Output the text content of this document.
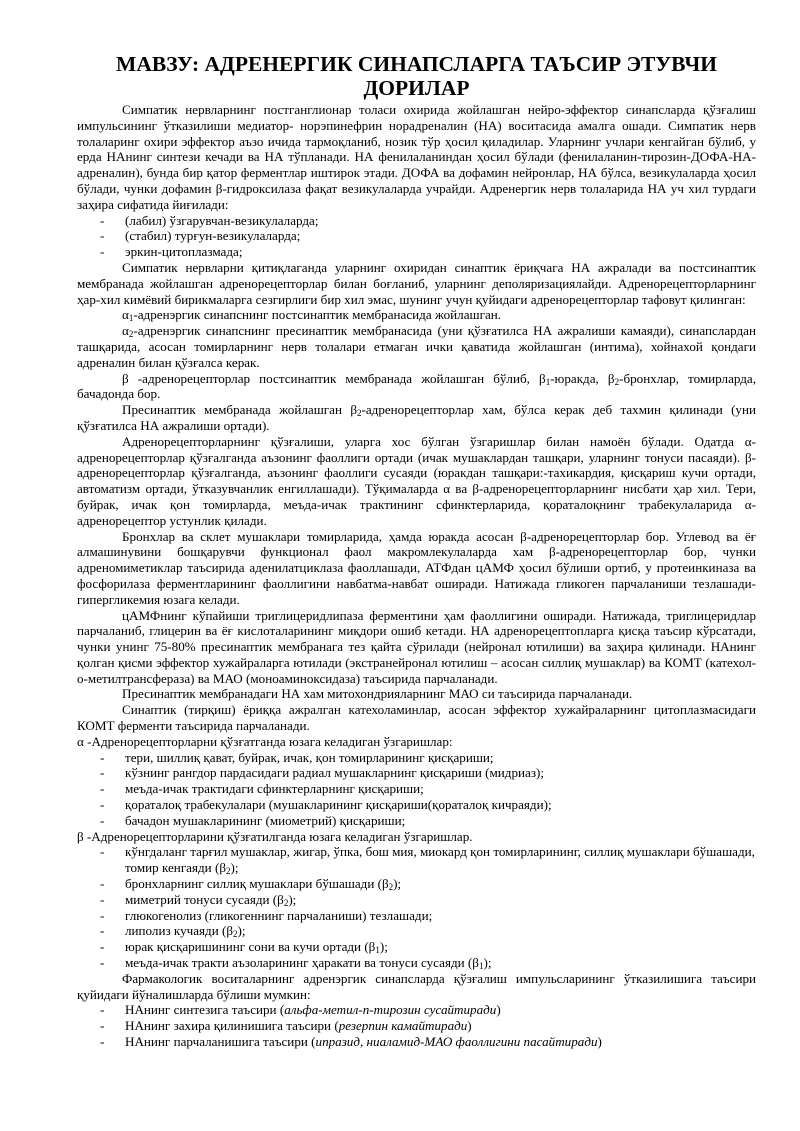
МАВЗУ: АДРЕНЕРГИК СИНАПСЛАРГА ТАЪСИР ЭТУВЧИ ДОРИЛАР

Симпатик нервларнинг постганглионар толаси охирида жойлашган нейро-эффектор синапсларда қўзғалиш импульсининг ўтказилиши медиатор- норэпинефрин норадреналин (НА) воситасида амалга ошади. Симпатик нерв толаларинг охири эффектор аъзо ичида тармоқланиб, нозик тўр ҳосил қиладилар. Уларнинг учлари кенгайган бўлиб, у ерда НАнинг синтези кечади ва НА тўпланади. НА фенилаланиндан ҳосил бўлади (фенилаланин-тирозин-ДОФА-НА-адреналин), бунда бир қатор ферментлар иштирок этади. ДОФА ва дофамин нейронлар, НА бўлса, везикулаларда ҳосил бўлади, чунки дофамин β-гидроксилаза фақат везикулаларда учрайди. Адренергик нерв толаларида НА уч хил турдаги заҳира сифатида йиғилади:

- (лабил) ўзгарувчан-везикулаларда;
- (стабил) турғун-везикулаларда;
- эркин-цитоплазмада;

Симпатик нервларни қитиқлаганда уларнинг охиридан синаптик ёриқчага НА ажралади ва постсинаптик мембранада жойлашган адренорецепторлар билан боғланиб, уларнинг деполяризациялайди. Адренорецепторларнинг ҳар-хил кимёвий бирикмаларга сезгирлиги бир хил эмас, шунинг учун қуйидаги адренорецепторлар тафовут қилинган:

$\alpha_1$-адренэргик синапснинг постсинаптик мембранасида жойлашган.

$\alpha_2$-адренэргик синапснинг пресинаптик мембранасида (уни қўзғатилса НА ажралиши камаяди), синапслардан ташқарида, асосан томирларнинг нерв толалари етмаган ички қаватида жойлашган (интима), хойнахой қондаги адреналин билан қўзғалса керак.

β -адренорецепторлар постсинаптик мембранада жойлашган бўлиб, $\beta_1$-юракда, $\beta_2$-бронхлар, томирларда, бачадонда бор.

Пресинаптик мембранада жойлашган $\beta_2$-адренорецепторлар хам, бўлса керак деб тахмин қилинади (уни қўзғатилса НА ажралиши ортади).

Адренорецепторларнинг қўзғалиши, уларга хос бўлган ўзгаришлар билан намоён бўлади. Одатда α-адренорецепторлар қўзғалганда аъзонинг фаоллиги ортади (ичак мушаклардан ташқари, уларнинг тонуси пасаяди). β-адренорецепторлар қўзғалганда, аъзонинг фаоллиги сусаяди (юракдан ташқари:-тахикардия, қисқариш кучи ортади, автоматизм ортади, ўтказувчанлик енгиллашади). Тўқималарда α ва β-адренорецепторларнинг нисбати ҳар хил. Тери, буйрак, ичак қон томирларда, меъда-ичак трактининг сфинктерларида, қораталоқнинг трабекулаларида α-адренорецептор устунлик қилади.

Бронхлар ва склет мушаклари томирларида, ҳамда юракда асосан β-адренорецепторлар бор. Углевод ва ёғ алмашинувини бошқарувчи функционал фаол макромлекулаларда хам β-адренорецепторлар бор, чунки адреномиметиклар таъсирида аденилатциклаза фаоллашади, АТФдан цАМФ ҳосил бўлиши ортиб, у протеинкиназа ва фосфорилаза ферментларининг фаоллигини навбатма-навбат оширади. Натижада гликоген парчаланиши тезлашади-гипергликемия юзага келади.

цАМФнинг кўпайиши триглицеридлипаза ферментини ҳам фаоллигини оширади. Натижада, триглицеридлар парчаланиб, глицерин ва ёғ кислоталарининг миқдори ошиб кетади. НА адренорецептопларга қисқа таъсир кўрсатади, чунки унинг 75-80% пресинаптик мембранага тез қайта сўрилади (нейронал ютилиши) ва заҳира қилинади. НАнинг қолган қисми эффектор хужайраларга ютилади (экстранейронал ютилиш – асосан силлиқ мушаклар) ва КОМТ (катехол-о-метилтрансфераза) ва МАО (моноаминоксидаза) таъсирида парчаланади.

Пресинаптик мембранадаги НА хам митохондрияларнинг МАО си таъсирида парчаланади.

Синаптик (тирқиш) ёриққа ажралган катехоламинлар, асосан эффектор хужайраларнинг цитоплазмасидаги КОМТ ферменти таъсирида парчаланади.

α -Адренорецепторларни қўзғатганда юзага келадиган ўзгаришлар:

- тери, шиллиқ қават, буйрак, ичак, қон томирларининг қисқариши;
- кўзнинг рангдор пардасидаги радиал мушакларнинг қисқариши (мидриаз);
- меъда-ичак трактидаги сфинктерларнинг қисқариши;
- қораталоқ трабекулалари (мушакларининг қисқариши(қораталоқ кичраяди);
- бачадон мушакларининг (миометрий) қисқариши;

β -Адренорецепторларини қўзғатилганда юзага келадиган ўзгаришлар.

- кўнгдаланг тарғил мушаклар, жигар, ўпка, бош мия, миокард қон томирларининг, силлиқ мушаклари бўшашади, томир кенгаяди $(\beta_2)$;
- бронхларнинг силлиқ мушаклари бўшашади $(\beta_2)$;
- миметрий тонуси сусаяди $(\beta_2)$;
- глюкогенолиз (гликогеннинг парчаланиши) тезлашади;
- липолиз кучаяди $(\beta_2)$;
- юрак қисқаришининг сони ва кучи ортади $(\beta_1)$;
- меъда-ичак тракти аъзоларининг ҳаракати ва тонуси сусаяди $(\beta_1)$;

Фармакологик воситаларнинг адренэргик синапсларда қўзғалиш импульсларининг ўтказилишига таъсири қуйидаги йўналишларда бўлиши мумкин:

- НАнинг синтезига таъсири (альфа-метил-п-тирозин сусайтиради)
- НАнинг захира қилинишига таъсири (резерпин камайтиради)
- НАнинг парчаланишига таъсири (ипразид, ниаламид-МАО фаоллигини пасайтиради)
